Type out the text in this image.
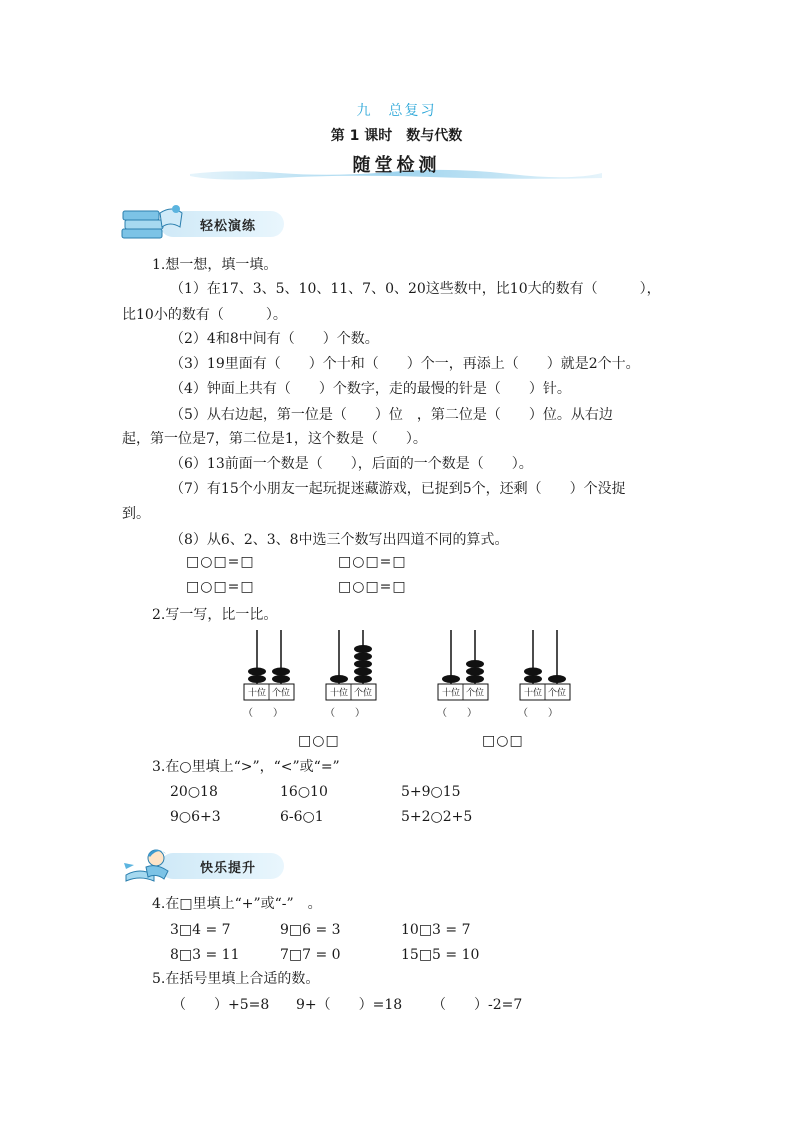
九　总复习
第 1 课时　数与代数
随堂检测
轻松演练
1.想一想，填一填。
（1）在17、3、5、10、11、7、0、20这些数中，比10大的数有（　　　），
比10小的数有（　　　）。
（2）4和8中间有（　　）个数。
（3）19里面有（　　）个十和（　　）个一，再添上（　　）就是2个十。
（4）钟面上共有（　　）个数字，走的最慢的针是（　　）针。
（5）从右边起，第一位是（　　）位　，第二位是（　　）位。从右边
起，第一位是7，第二位是1，这个数是（　　）。
（6）13前面一个数是（　　），后面的一个数是（　　）。
（7）有15个小朋友一起玩捉迷藏游戏，已捉到5个，还剩（　　）个没捉
到。
（8）从6、2、3、8中选三个数写出四道不同的算式。
□○□=□	□○□=□
□○□=□	□○□=□
2.写一写，比一比。
十位 个位	十位 个位	十位 个位	十位 个位
（　　）	（　　）	（　　）	（　　）
□○□	□○□
3.在○里填上“>”，“<”或“=”
20○18	16○10	5+9○15
9○6+3	6-6○1	5+2○2+5
快乐提升
4.在□里填上“+”或“-”　。
3□4 = 7	9□6 = 3	10□3 = 7
8□3 = 11	7□7 = 0	15□5 = 10
5.在括号里填上合适的数。
（　　）+5=8 9+（　　）=18 （　　）-2=7
